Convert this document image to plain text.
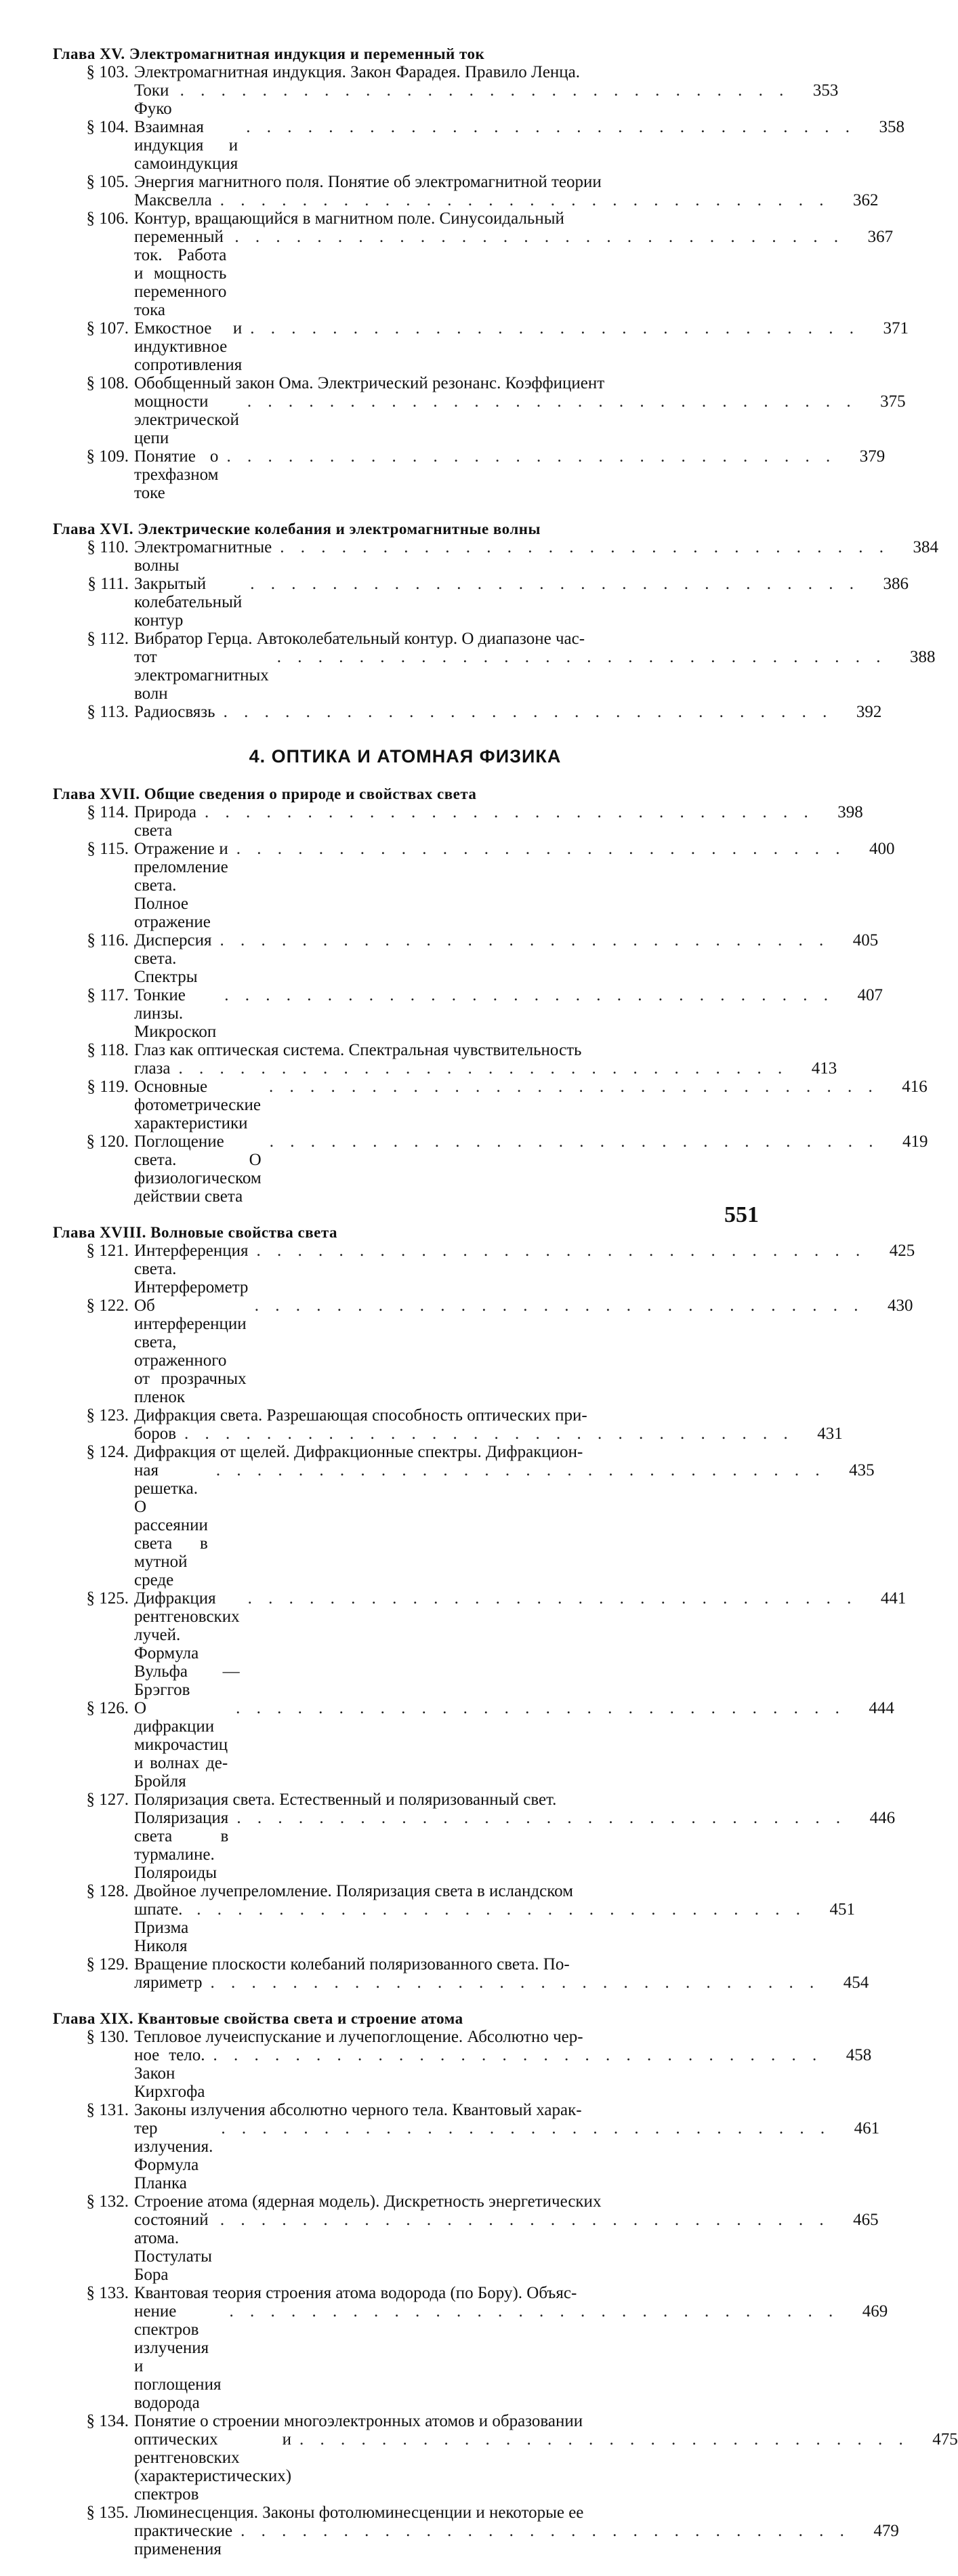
Глава XV. Электромагнитная индукция и переменный ток
§ 103. Электромагнитная индукция. Закон Фарадея. Правило Ленца.
Токи Фуко
. . . . . . . . . . . . . . . . . . . . . . . . . . . . . .	353
§ 104. Взаимная индукция и самоиндукция
. . . . . . . . . . . . . . . . . . . . . . . . . . . . . .	358
§ 105. Энергия магнитного поля. Понятие об электромагнитной теории
Максвелла . . . . . . . . . . . . . . . . . . . . . . . . . . . . . .	362
§ 106. Контур, вращающийся в магнитном поле. Синусоидальный
переменный ток. Работа и мощность переменного тока
. . . . . . . . . . . . . . . . . . . . . . . . . . . . . .	367
§ 107. Емкостное и индуктивное сопротивления
. . . . . . . . . . . . . . . . . . . . . . . . . . . . . .	371
§ 108. Обобщенный закон Ома. Электрический резонанс. Коэффициент
мощности электрической цепи
. . . . . . . . . . . . . . . . . . . . . . . . . . . . . .	375
§ 109. Понятие о трехфазном токе
. . . . . . . . . . . . . . . . . . . . . . . . . . . . . .	379
Глава XVI. Электрические колебания и электромагнитные волны
§ 110. Электромагнитные волны
. . . . . . . . . . . . . . . . . . . . . . . . . . . . . .	384
§ 111. Закрытый колебательный контур
. . . . . . . . . . . . . . . . . . . . . . . . . . . . . .	386
§ 112. Вибратор Герца. Автоколебательный контур. О диапазоне час-
тот электромагнитных волн
. . . . . . . . . . . . . . . . . . . . . . . . . . . . . .	388
§ 113. Радиосвязь . . . . . . . . . . . . . . . . . . . . . . . . . . . . . .	392
4. ОПТИКА И АТОМНАЯ ФИЗИКА
Глава XVII. Общие сведения о природе и свойствах света
§ 114. Природа света
. . . . . . . . . . . . . . . . . . . . . . . . . . . . . .	398
§ 115. Отражение и преломление света. Полное отражение
. . . . . . . . . . . . . . . . . . . . . . . . . . . . . .	400
§ 116. Дисперсия света. Спектры
. . . . . . . . . . . . . . . . . . . . . . . . . . . . . .	405
§ 117. Тонкие линзы. Микроскоп
. . . . . . . . . . . . . . . . . . . . . . . . . . . . . .	407
§ 118. Глаз как оптическая система. Спектральная чувствительность
глаза . . . . . . . . . . . . . . . . . . . . . . . . . . . . . .	413
§ 119. Основные фотометрические характеристики
. . . . . . . . . . . . . . . . . . . . . . . . . . . . . .	416
§ 120. Поглощение света. О физиологическом действии света
. . . . . . . . . . . . . . . . . . . . . . . . . . . . . .	419
Глава XVIII. Волновые свойства света
§ 121. Интерференция света. Интерферометр
. . . . . . . . . . . . . . . . . . . . . . . . . . . . . .	425
§ 122. Об интерференции света, отраженного от прозрачных пленок
. . . . . . . . . . . . . . . . . . . . . . . . . . . . . .	430
§ 123. Дифракция света. Разрешающая способность оптических при-
боров . . . . . . . . . . . . . . . . . . . . . . . . . . . . . .	431
§ 124. Дифракция от щелей. Дифракционные спектры. Дифракцион-
ная решетка. О рассеянии света в мутной среде
. . . . . . . . . . . . . . . . . . . . . . . . . . . . . .	435
§ 125. Дифракция рентгеновских лучей. Формула Вульфа — Брэггов
. . . . . . . . . . . . . . . . . . . . . . . . . . . . . .	441
§ 126. О дифракции микрочастиц и волнах де-Бройля
. . . . . . . . . . . . . . . . . . . . . . . . . . . . . .	444
§ 127. Поляризация света. Естественный и поляризованный свет.
Поляризация света в турмалине. Поляроиды
. . . . . . . . . . . . . . . . . . . . . . . . . . . . . .	446
§ 128. Двойное лучепреломление. Поляризация света в исландском
шпате. Призма Николя
. . . . . . . . . . . . . . . . . . . . . . . . . . . . . .	451
§ 129. Вращение плоскости колебаний поляризованного света. По-
ляриметр . . . . . . . . . . . . . . . . . . . . . . . . . . . . . .	454
Глава XIX. Квантовые свойства света и строение атома
§ 130. Тепловое лучеиспускание и лучепоглощение. Абсолютно чер-
ное тело. Закон Кирхгофа
. . . . . . . . . . . . . . . . . . . . . . . . . . . . . .	458
§ 131. Законы излучения абсолютно черного тела. Квантовый харак-
тер излучения. Формула Планка
. . . . . . . . . . . . . . . . . . . . . . . . . . . . . .	461
§ 132. Строение атома (ядерная модель). Дискретность энергетических
состояний атома. Постулаты Бора
. . . . . . . . . . . . . . . . . . . . . . . . . . . . . .	465
§ 133. Квантовая теория строения атома водорода (по Бору). Объяс-
нение спектров излучения и поглощения водорода
. . . . . . . . . . . . . . . . . . . . . . . . . . . . . .	469
§ 134. Понятие о строении многоэлектронных атомов и образовании
оптических и рентгеновских (характеристических) спектров
. . . . . . . . . . . . . . . . . . . . . . . . . . . . . .	475
§ 135. Люминесценция. Законы фотолюминесценции и некоторые ее
практические применения
. . . . . . . . . . . . . . . . . . . . . . . . . . . . . .	479
551
